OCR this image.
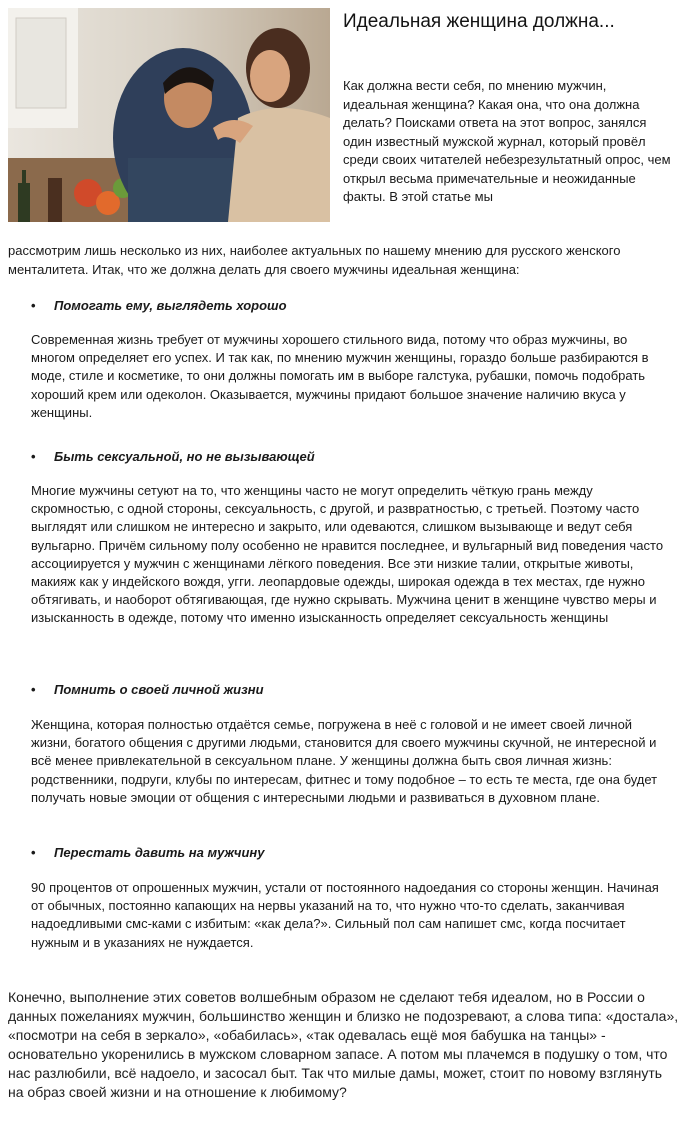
Идеальная женщина должна...

Как должна вести себя, по мнению мужчин, идеальная женщина? Какая она, что она должна делать? Поисками ответа на этот вопрос, занялся один известный мужской журнал, который провёл среди своих читателей небезрезультатный опрос, чем открыл весьма примечательные и неожиданные факты. В этой статье мы

рассмотрим лишь несколько из них, наиболее актуальных по нашему мнению для русского женского менталитета. Итак, что же должна делать для своего мужчины идеальная женщина:

• Помогать ему, выглядеть хорошо

Современная жизнь требует от мужчины хорошего стильного вида, потому что образ мужчины, во многом определяет его успех. И так как, по мнению мужчин женщины, гораздо больше разбираются в моде, стиле и косметике, то они должны помогать им в выборе галстука, рубашки, помочь подобрать хороший крем или одеколон. Оказывается, мужчины придают большое значение наличию вкуса у женщины.

• Быть сексуальной, но не вызывающей

Многие мужчины сетуют на то, что женщины часто не могут определить чёткую грань между скромностью, с одной стороны, сексуальность, с другой, и развратностью, с третьей. Поэтому часто выглядят или слишком не интересно и закрыто, или одеваются, слишком вызывающе и ведут себя вульгарно. Причём сильному полу особенно не нравится последнее, и вульгарный вид поведения часто ассоциируется у мужчин с женщинами лёгкого поведения. Все эти низкие талии, открытые животы, макияж как у индейского вождя, угги. леопардовые одежды, широкая одежда в тех местах, где нужно обтягивать, и наоборот обтягивающая, где нужно скрывать. Мужчина ценит в женщине чувство меры и изысканность в одежде, потому что именно изысканность определяет сексуальность женщины

• Помнить о своей личной жизни

Женщина, которая полностью отдаётся семье, погружена в неё с головой и не имеет своей личной жизни, богатого общения с другими людьми, становится для своего мужчины скучной, не интересной и всё менее привлекательной в сексуальном плане. У женщины должна быть своя личная жизнь: родственники, подруги, клубы по интересам, фитнес и тому подобное – то есть те места, где она будет получать новые эмоции от общения с интересными людьми и развиваться в духовном плане.

• Перестать давить на мужчину

90 процентов от опрошенных мужчин, устали от постоянного надоедания со стороны женщин. Начиная от обычных, постоянно капающих на нервы указаний на то, что нужно что-то сделать, заканчивая надоедливыми смс-ками с избитым: «как дела?». Сильный пол сам напишет смс, когда посчитает нужным и в указаниях не нуждается.

Конечно, выполнение этих советов волшебным образом не сделают тебя идеалом, но в России о данных пожеланиях мужчин, большинство женщин и близко не подозревают, а слова типа: «достала», «посмотри на себя в зеркало», «обабилась», «так одевалась ещё моя бабушка на танцы» - основательно укоренились в мужском словарном запасе. А потом мы плачемся в подушку о том, что нас разлюбили, всё надоело, и засосал быт. Так что милые дамы, может, стоит по новому взглянуть на образ своей жизни и на отношение к любимому?
